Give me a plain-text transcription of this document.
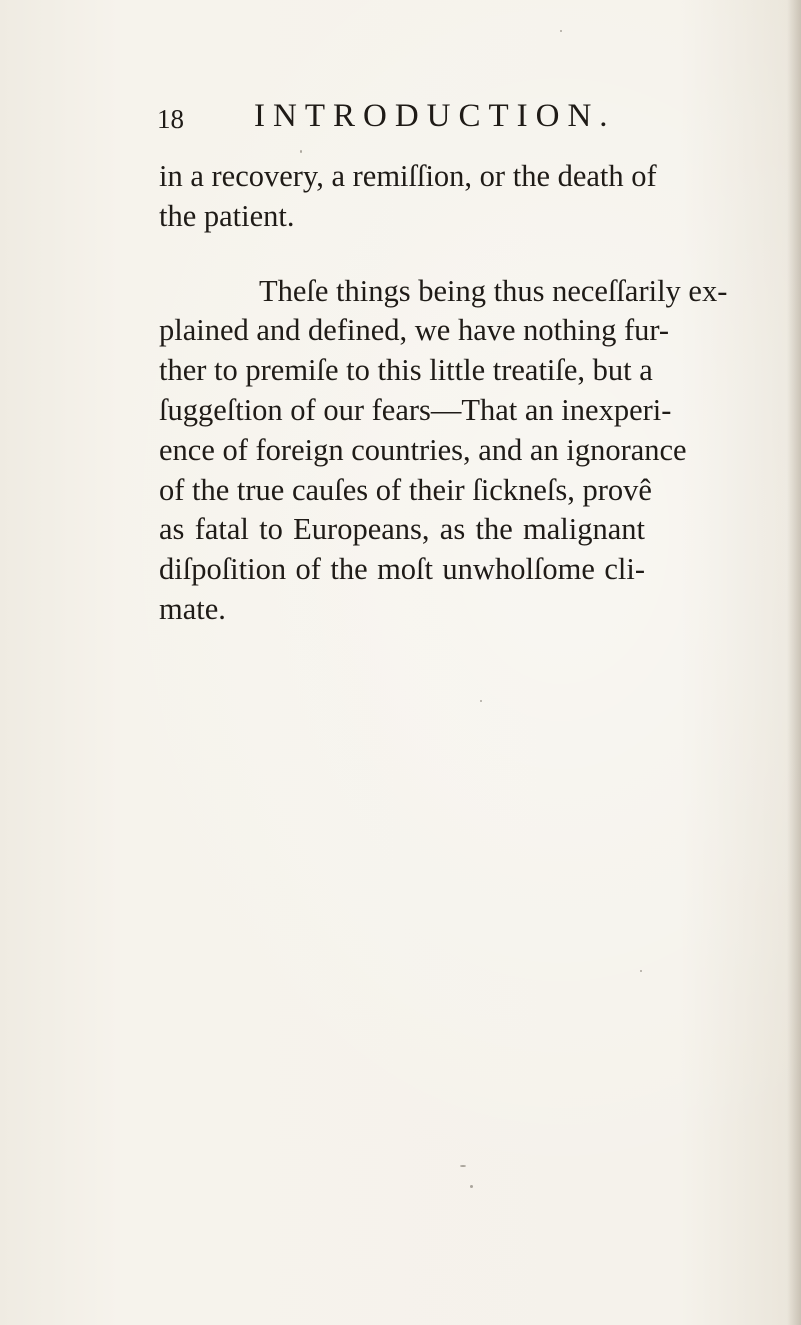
18 INTRODUCTION.
in a recovery, a remiſſion, or the death of
the patient.
Theſe things being thus neceſſarily ex-
plained and defined, we have nothing fur-
ther to premiſe to this little treatiſe, but a
ſuggeſtion of our fears—That an inexperi-
ence of foreign countries, and an ignorance
of the true cauſes of their ſickneſs, provê
as fatal to Europeans, as the malignant
diſpoſition of the moſt unwholſome cli-
mate.
